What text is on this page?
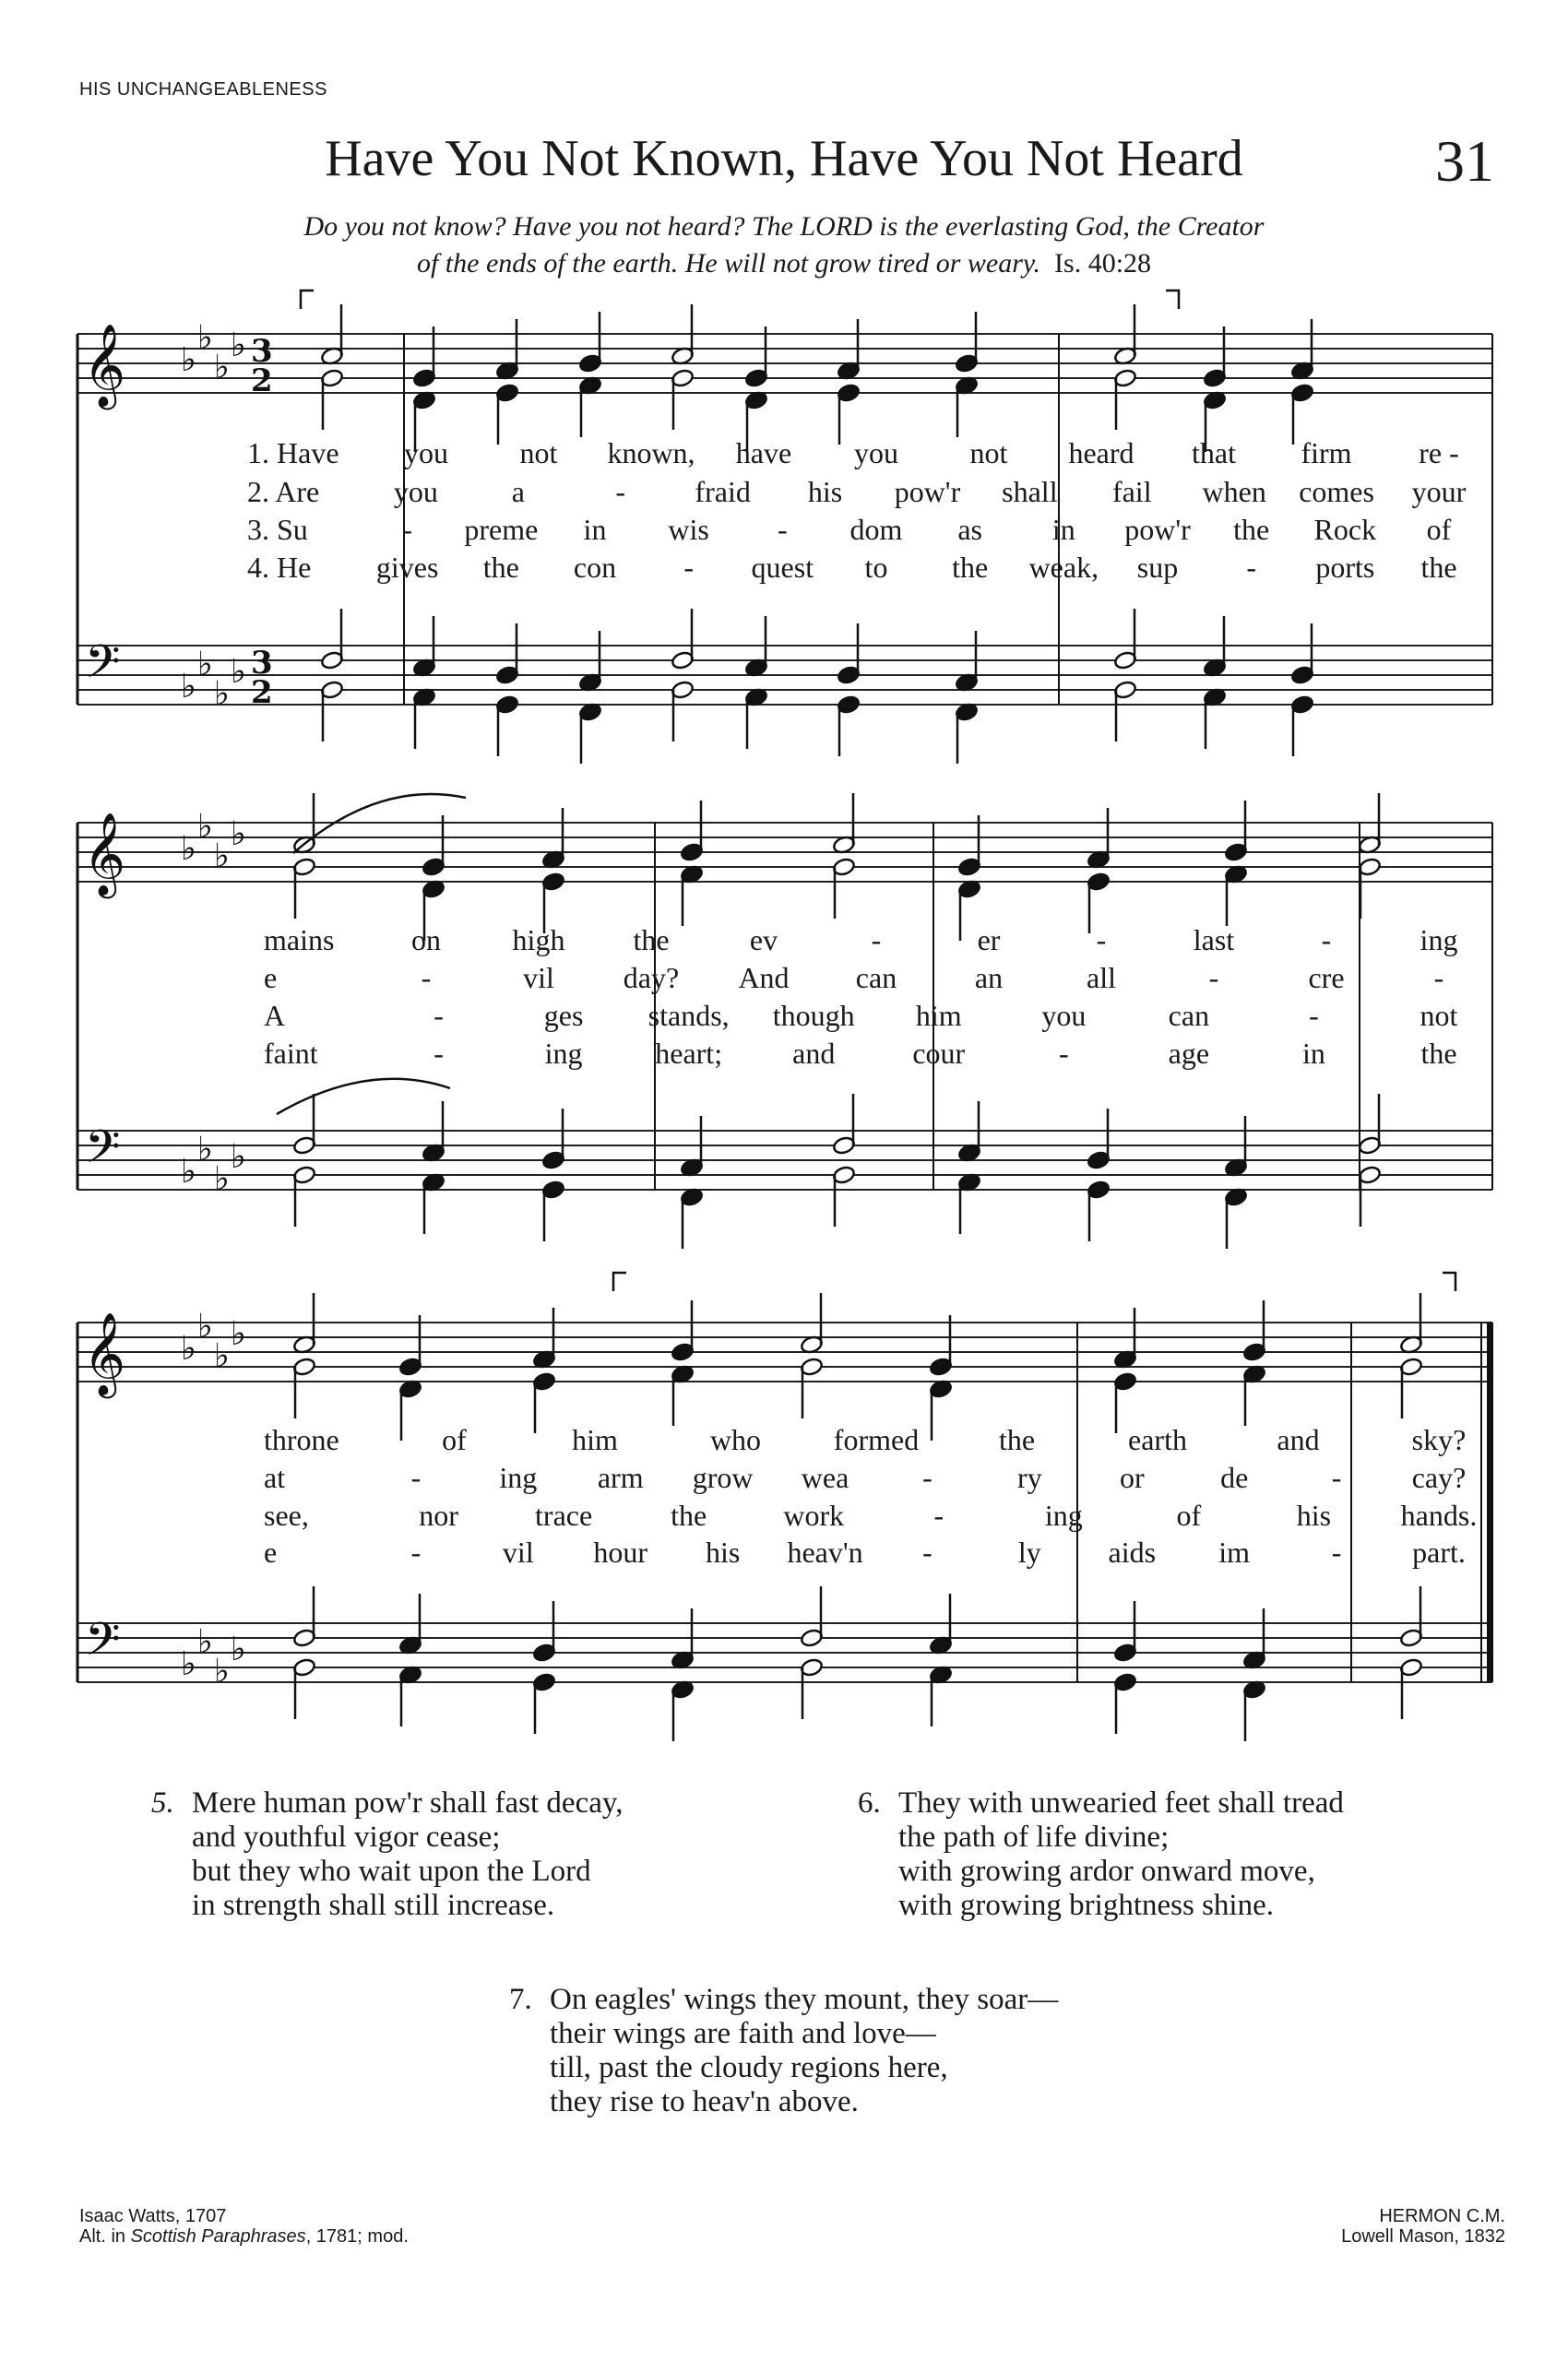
HIS UNCHANGEABLENESS
Have You Not Known, Have You Not Heard	31
Do you not know? Have you not heard? The LORD is the everlasting God, the Creator
of the ends of the earth. He will not grow tired or weary. Is. 40:28
𝄞
𝄢
♭
♭
♭
♭
♭
♭
♭
♭
3
2
3
2
𝄞
𝄢
♭
♭
♭
♭
♭
♭
♭
♭
𝄞
𝄢
♭
♭
♭
♭
♭
♭
♭
♭
1. Have you not known, have you not heard that firm re -
2. Are	you a	- fraid his pow'r shall fail when comes your
3. Su	- preme in wis - dom as in pow'r the Rock of
4. He gives the con - quest to the weak, sup - ports the
mains	on high the	ev	-	er	-	last	-	ing
e	-	vil day? And can	an	all	-	cre	-
A	-	ges stands, though him	you	can	-	not
faint	-	ing heart; and	cour	-	age	in	the
throne	of	him	who formed	the	earth	and	sky?
at	-	ing arm grow wea -	ry	or	de	- cay?
see,	nor	trace	the	work	-	ing	of	his hands.
e	-	vil hour his heav'n -	ly aids im	- part.
5. Mere human pow'r shall fast decay,
and youthful vigor cease;
but they who wait upon the Lord
in strength shall still increase.
6. They with unwearied feet shall tread
the path of life divine;
with growing ardor onward move,
with growing brightness shine.
7. On eagles' wings they mount, they soar—
their wings are faith and love—
till, past the cloudy regions here,
they rise to heav'n above.
Isaac Watts, 1707
Alt. in Scottish Paraphrases, 1781; mod.
HERMON C.M.
Lowell Mason, 1832
